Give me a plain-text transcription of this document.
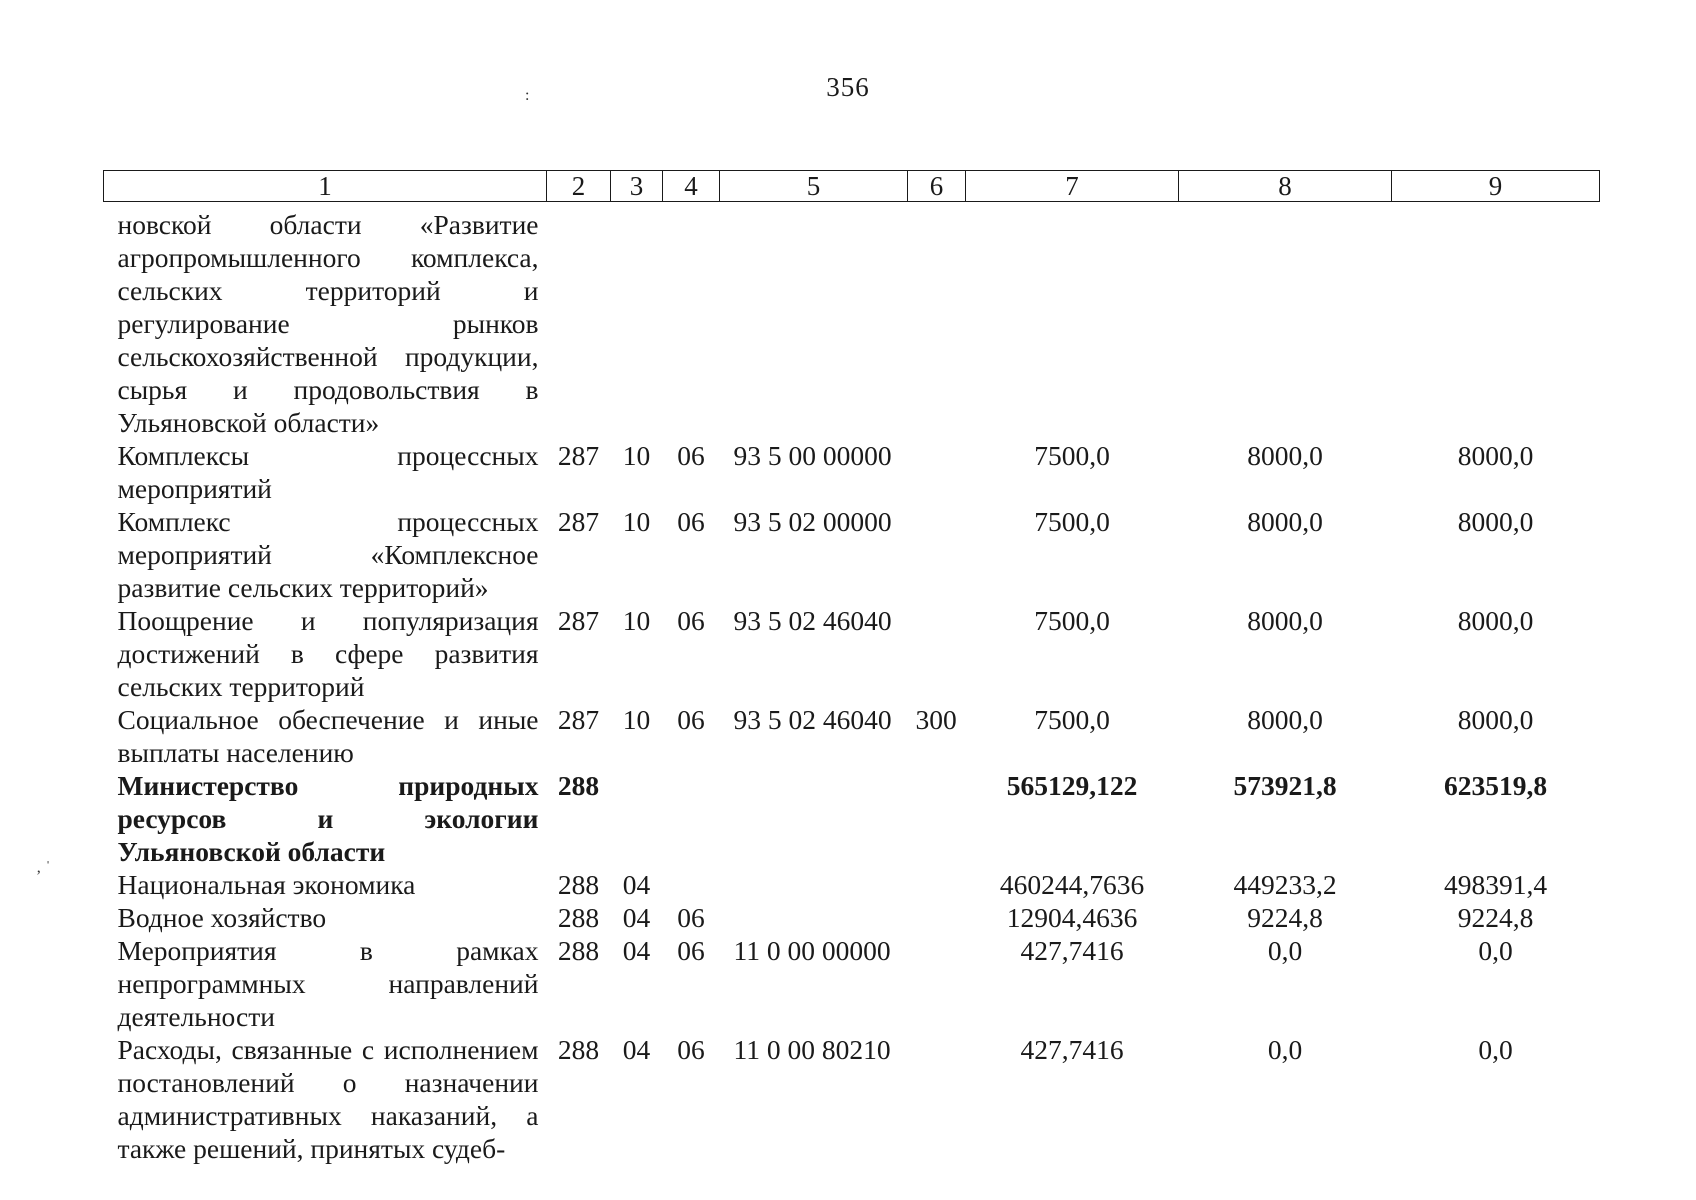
356
:
‚ ˈ
1	2	3	4	5	6	7	8	9
новской области «Развитие агропромышленного комплекса, сельских территорий и регулирование рынков сельскохозяйственной продукции, сырья и продовольствия в Ульяновской области»								
Комплексы процессных мероприятий	287	10	06	93 5 00 00000		7500,0	8000,0	8000,0
Комплекс процессных мероприятий «Комплексное развитие сельских территорий»	287	10	06	93 5 02 00000		7500,0	8000,0	8000,0
Поощрение и популяризация достижений в сфере развития сельских территорий	287	10	06	93 5 02 46040		7500,0	8000,0	8000,0
Социальное обеспечение и иные выплаты населению	287	10	06	93 5 02 46040	300	7500,0	8000,0	8000,0
Министерство природных ресурсов и экологии Ульяновской области	288					565129,122	573921,8	623519,8
Национальная экономика	288	04				460244,7636	449233,2	498391,4
Водное хозяйство	288	04	06			12904,4636	9224,8	9224,8
Мероприятия в рамках непрограммных направлений деятельности	288	04	06	11 0 00 00000		427,7416	0,0	0,0
Расходы, связанные с исполнением постановлений о назначении административных наказаний, а также решений, принятых судеб-	288	04	06	11 0 00 80210		427,7416	0,0	0,0
